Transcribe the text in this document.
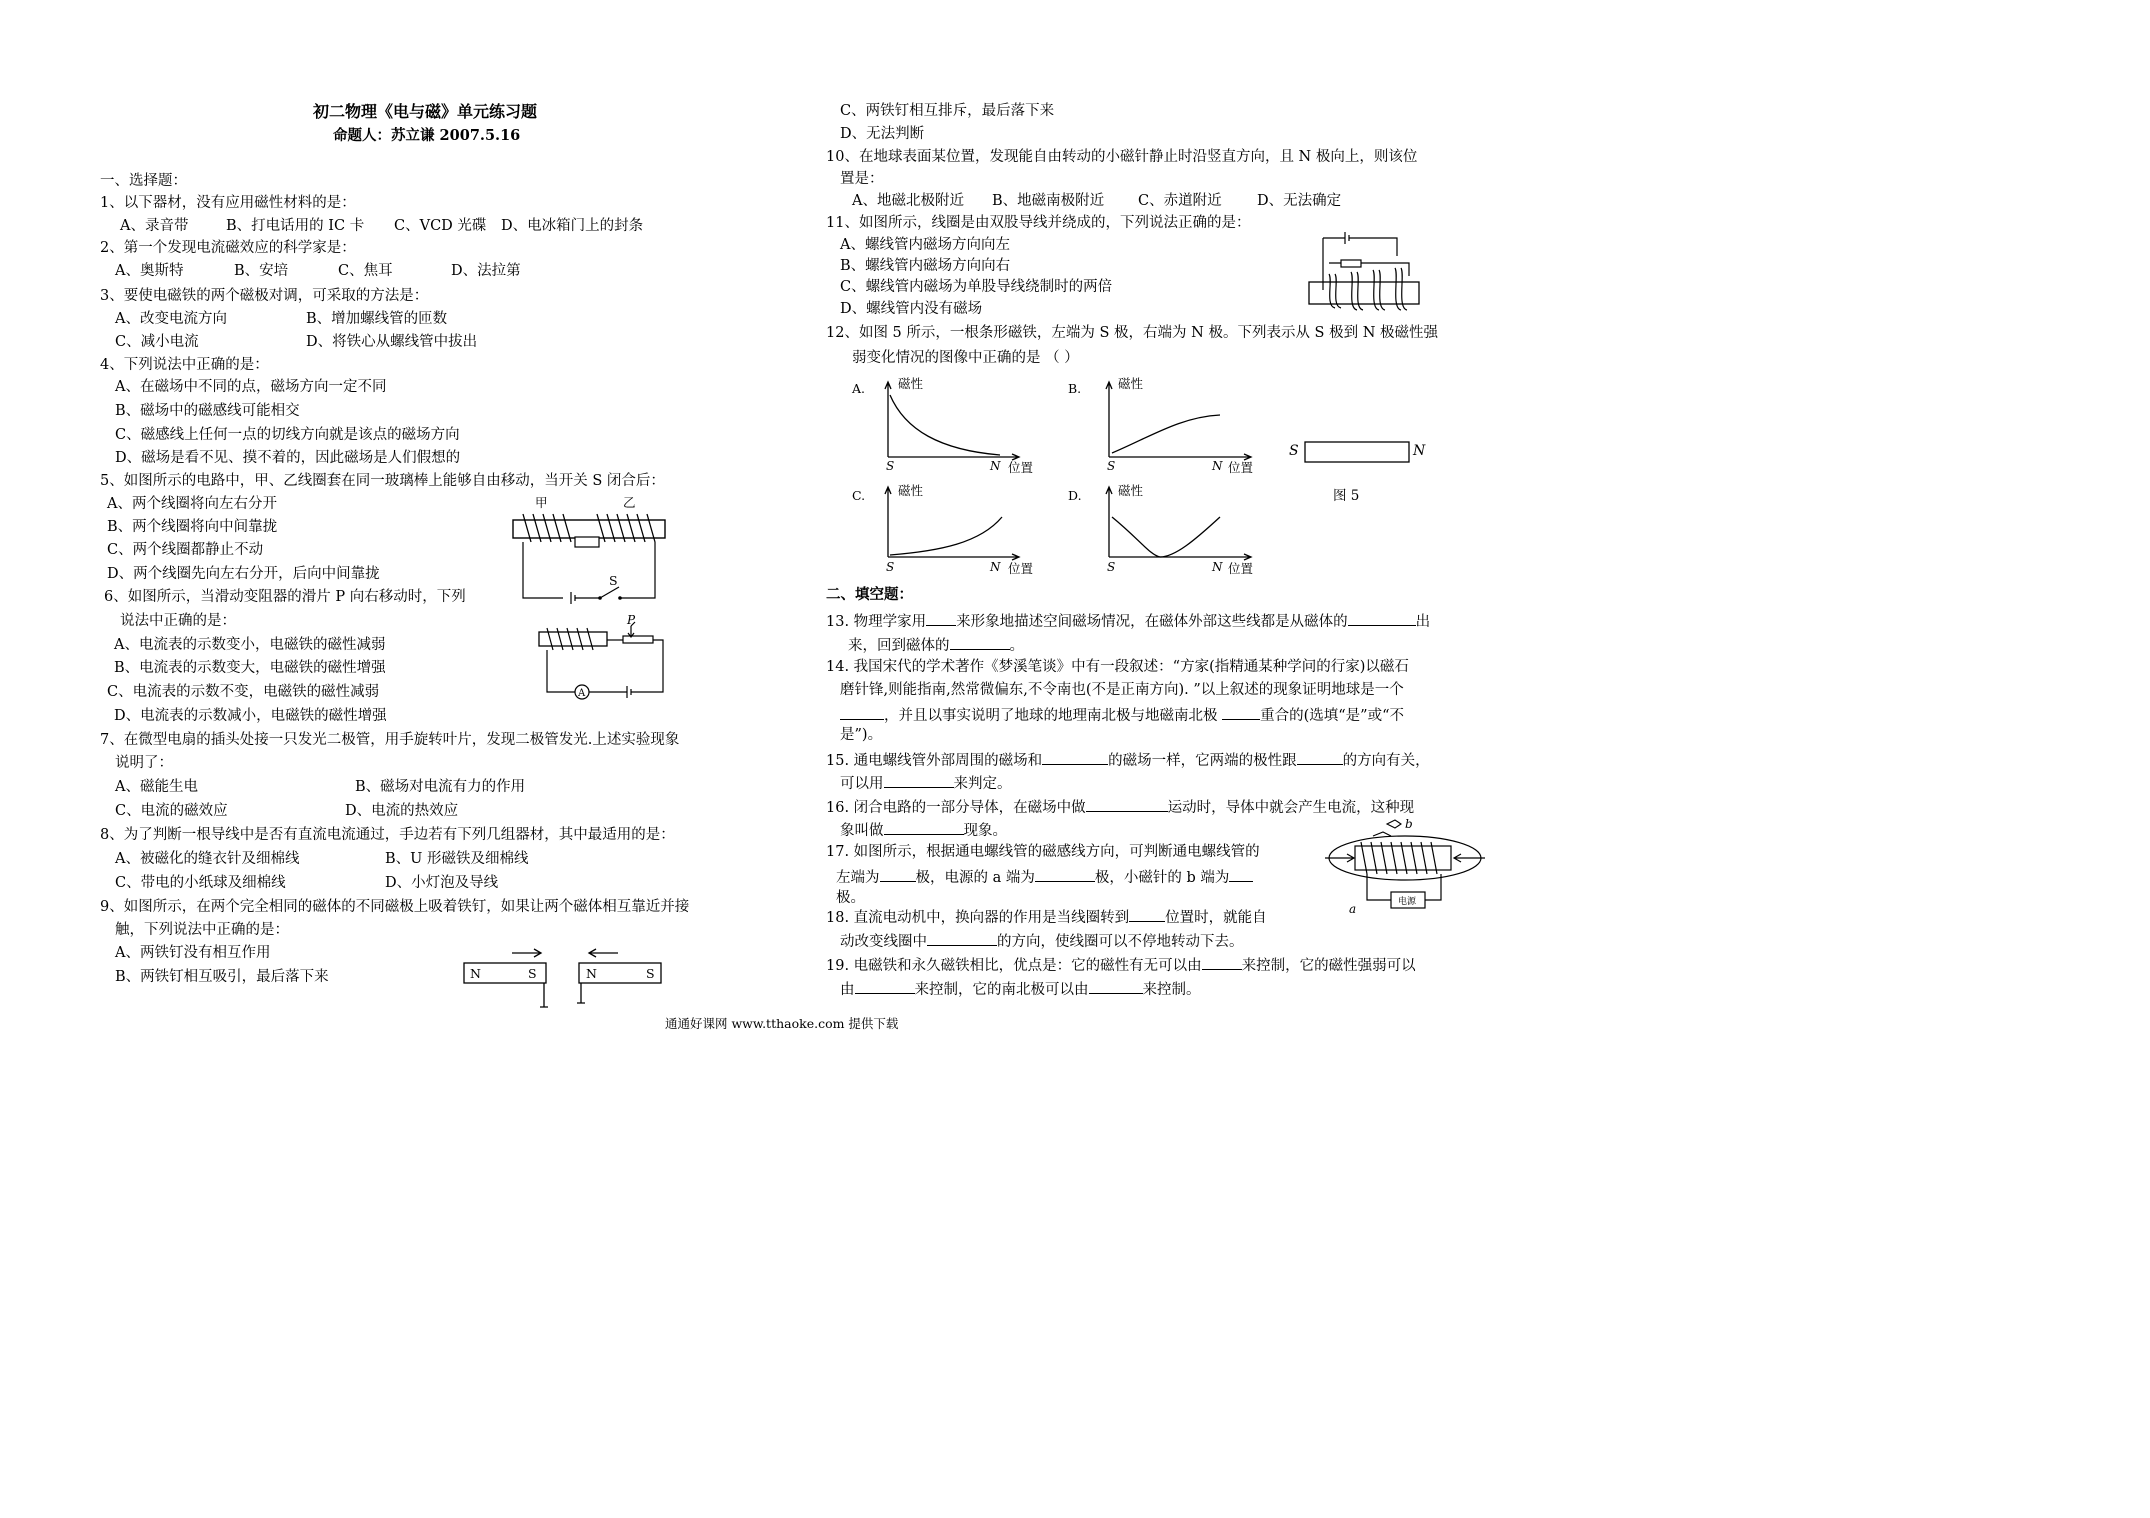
初二物理《电与磁》单元练习题
命题人：苏立谦 2007.5.16
一、选择题：
1、以下器材，没有应用磁性材料的是：
A、录音带	B、打电话用的 IC 卡 C、VCD 光碟 D、电冰箱门上的封条
2、第一个发现电流磁效应的科学家是：
A、奥斯特	B、安培	C、焦耳	D、法拉第
3、要使电磁铁的两个磁极对调，可采取的方法是：
A、改变电流方向	B、增加螺线管的匝数
C、减小电流	D、将铁心从螺线管中拔出
4、下列说法中正确的是：
A、在磁场中不同的点，磁场方向一定不同
B、磁场中的磁感线可能相交
C、磁感线上任何一点的切线方向就是该点的磁场方向
D、磁场是看不见、摸不着的，因此磁场是人们假想的
5、如图所示的电路中，甲、乙线圈套在同一玻璃棒上能够自由移动，当开关 S 闭合后：
A、两个线圈将向左右分开
B、两个线圈将向中间靠拢
C、两个线圈都静止不动
D、两个线圈先向左右分开，后向中间靠拢
甲	乙
S
6、如图所示，当滑动变阻器的滑片 P 向右移动时，下列
说法中正确的是：
A、电流表的示数变小，电磁铁的磁性减弱
B、电流表的示数变大，电磁铁的磁性增强
C、电流表的示数不变，电磁铁的磁性减弱
D、电流表的示数减小，电磁铁的磁性增强
A
P
7、在微型电扇的插头处接一只发光二极管，用手旋转叶片，发现二极管发光.上述实验现象
说明了：
A、磁能生电	B、磁场对电流有力的作用
C、电流的磁效应	D、电流的热效应
8、为了判断一根导线中是否有直流电流通过，手边若有下列几组器材，其中最适用的是：
A、被磁化的缝衣针及细棉线	B、U 形磁铁及细棉线
C、带电的小纸球及细棉线	D、小灯泡及导线
9、如图所示，在两个完全相同的磁体的不同磁极上吸着铁钉，如果让两个磁体相互靠近并接
触，下列说法中正确的是：
A、两铁钉没有相互作用
B、两铁钉相互吸引，最后落下来	N	S	N	S
C、两铁钉相互排斥，最后落下来
D、无法判断
10、在地球表面某位置，发现能自由转动的小磁针静止时沿竖直方向，且 N 极向上，则该位
置是：
A、地磁北极附近 B、地磁南极附近 C、赤道附近 D、无法确定
11、如图所示，线圈是由双股导线并绕成的，下列说法正确的是：
A、螺线管内磁场方向向左
B、螺线管内磁场方向向右
C、螺线管内磁场为单股导线绕制时的两倍
D、螺线管内没有磁场
12、如图 5 所示，一根条形磁铁，左端为 S 极，右端为 N 极。下列表示从 S 极到 N 极磁性强
弱变化情况的图像中正确的是 （ ）
A.	磁性
S	N 位置
B.	磁性
S	N 位置
C.	磁性
S	N 位置
D.	磁性
S	N 位置
S	N
图 5
二、填空题：
13. 物理学家用 来形象地描述空间磁场情况，在磁体外部这些线都是从磁体的	出
来，回到磁体的	。
14. 我国宋代的学术著作《梦溪笔谈》中有一段叙述：“方家(指精通某种学问的行家)以磁石
磨针锋,则能指南,然常微偏东,不令南也(不是正南方向). ”以上叙述的现象证明地球是一个
，并且以事实说明了地球的地理南北极与地磁南北极	重合的(选填“是”或“不
是”)。
15. 通电螺线管外部周围的磁场和	的磁场一样，它两端的极性跟	的方向有关，
可以用	来判定。
16. 闭合电路的一部分导体，在磁场中做	运动时，导体中就会产生电流，这种现
象叫做	现象。
17. 如图所示，根据通电螺线管的磁感线方向，可判断通电螺线管的
左端为 极，电源的 a 端为	极，小磁针的 b 端为
极。
b
电源
a
18. 直流电动机中，换向器的作用是当线圈转到 位置时，就能自
动改变线圈中	的方向，使线圈可以不停地转动下去。
19. 电磁铁和永久磁铁相比，优点是：它的磁性有无可以由	来控制，它的磁性强弱可以
由	来控制，它的南北极可以由	来控制。
通通好课网 www.tthaoke.com 提供下载
